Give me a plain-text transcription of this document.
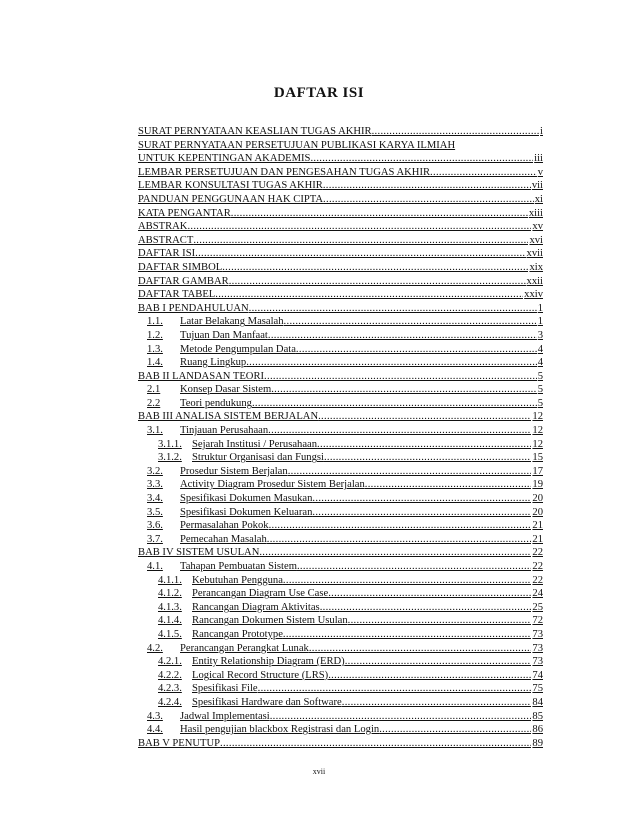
DAFTAR ISI
SURAT PERNYATAAN KEASLIAN TUGAS AKHIR .....	i
SURAT PERNYATAAN PERSETUJUAN PUBLIKASI KARYA ILMIAH
UNTUK KEPENTINGAN AKADEMIS .....	iii
LEMBAR PERSETUJUAN DAN PENGESAHAN TUGAS AKHIR .....	v
LEMBAR KONSULTASI TUGAS AKHIR .....	vii
PANDUAN PENGGUNAAN HAK CIPTA .....	xi
KATA PENGANTAR .....	xiii
ABSTRAK .....	xv
ABSTRACT .....	xvi
DAFTAR ISI .....	xvii
DAFTAR SIMBOL .....	xix
DAFTAR GAMBAR .....	xxii
DAFTAR TABEL .....	xxiv
BAB I PENDAHULUAN .....	1
1.1.	Latar Belakang Masalah .....	1
1.2.	Tujuan Dan Manfaat .....	3
1.3.	Metode Pengumpulan Data .....	4
1.4.	Ruang Lingkup .....	4
BAB II LANDASAN TEORI .....	5
2.1	Konsep Dasar Sistem .....	5
2.2	Teori pendukung .....	5
BAB III ANALISA SISTEM BERJALAN .....	12
3.1.	Tinjauan Perusahaan .....	12
3.1.1. Sejarah Institusi / Perusahaan .....	12
3.1.2. Struktur Organisasi dan Fungsi .....	15
3.2.	Prosedur Sistem Berjalan .....	17
3.3.	Activity Diagram Prosedur Sistem Berjalan .....	19
3.4.	Spesifikasi Dokumen Masukan .....	20
3.5.	Spesifikasi Dokumen Keluaran .....	20
3.6.	Permasalahan Pokok .....	21
3.7.	Pemecahan Masalah .....	21
BAB IV SISTEM USULAN .....	22
4.1.	Tahapan Pembuatan Sistem .....	22
4.1.1. Kebutuhan Pengguna .....	22
4.1.2. Perancangan Diagram Use Case .....	24
4.1.3. Rancangan Diagram Aktivitas .....	25
4.1.4. Rancangan Dokumen Sistem Usulan .....	72
4.1.5. Rancangan Prototype .....	73
4.2.	Perancangan Perangkat Lunak .....	73
4.2.1. Entity Relationship Diagram (ERD) .....	73
4.2.2. Logical Record Structure (LRS) .....	74
4.2.3. Spesifikasi File .....	75
4.2.4. Spesifikasi Hardware dan Software .....	84
4.3.	Jadwal Implementasi .....	85
4.4.	Hasil pengujian blackbox Registrasi dan Login .....	86
BAB V PENUTUP .....	89
xvii
